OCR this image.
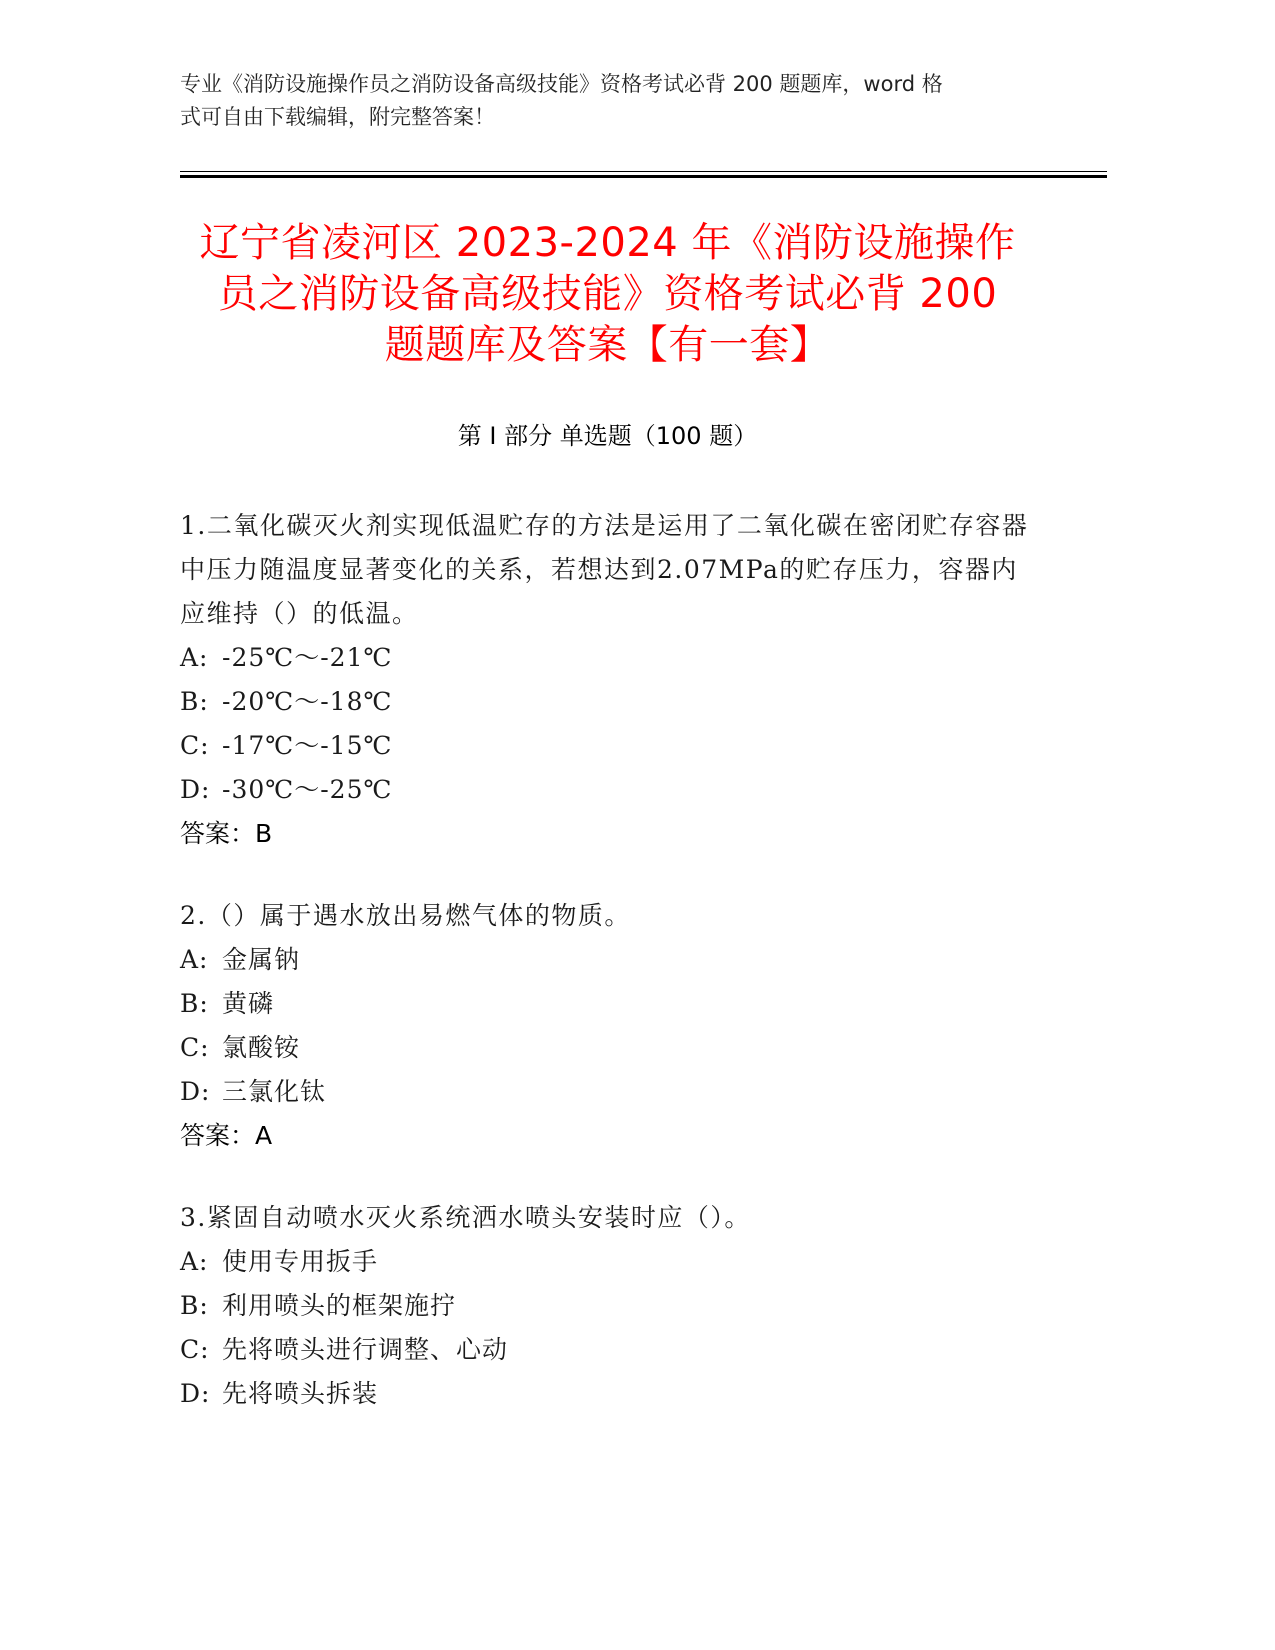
专业《消防设施操作员之消防设备高级技能》资格考试必背 200 题题库，word 格
式可自由下载编辑，附完整答案！
辽宁省凌河区 2023-2024 年《消防设施操作
员之消防设备高级技能》资格考试必背 200
题题库及答案【有一套】
第 I 部分 单选题（100 题）
1.二氧化碳灭火剂实现低温贮存的方法是运用了二氧化碳在密闭贮存容器中压力随温度显著变化的关系，若想达到2.07MPa的贮存压力，容器内应维持（）的低温。
A: -25℃～-21℃
B: -20℃～-18℃
C: -17℃～-15℃
D: -30℃～-25℃
答案：B
2.（）属于遇水放出易燃气体的物质。
A: 金属钠
B: 黄磷
C: 氯酸铵
D: 三氯化钛
答案：A
3.紧固自动喷水灭火系统洒水喷头安装时应（）。
A: 使用专用扳手
B: 利用喷头的框架施拧
C: 先将喷头进行调整、心动
D: 先将喷头拆装
